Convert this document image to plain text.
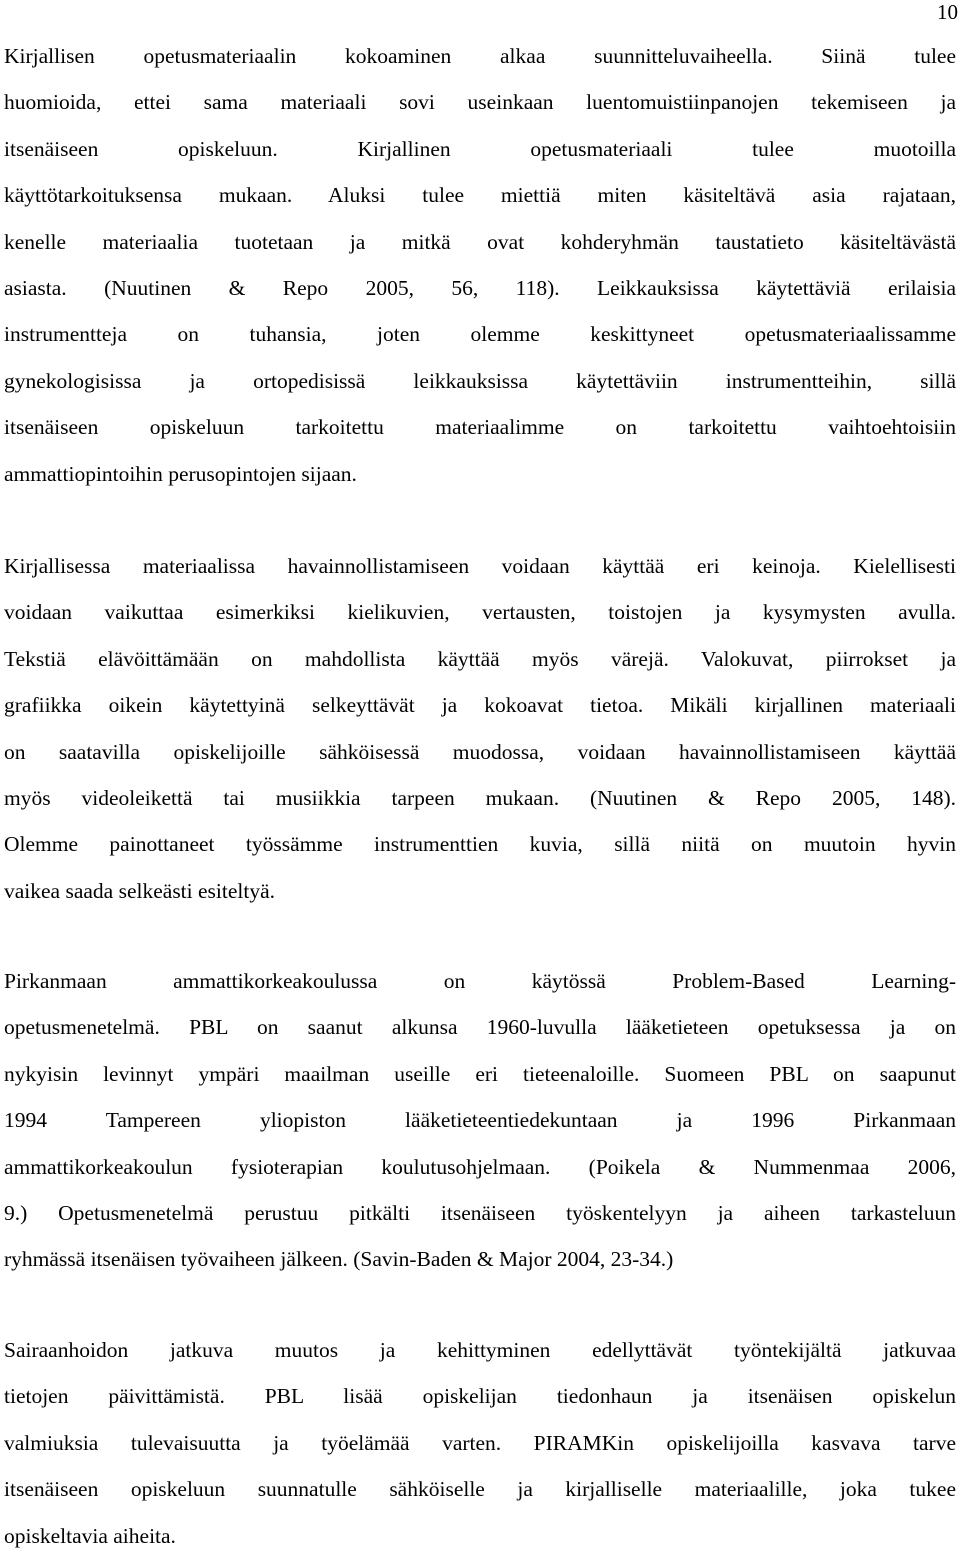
10
Kirjallisen opetusmateriaalin kokoaminen alkaa suunnitteluvaiheella. Siinä tulee
huomioida, ettei sama materiaali sovi useinkaan luentomuistiinpanojen tekemiseen ja
itsenäiseen opiskeluun. Kirjallinen opetusmateriaali tulee muotoilla
käyttötarkoituksensa mukaan. Aluksi tulee miettiä miten käsiteltävä asia rajataan,
kenelle materiaalia tuotetaan ja mitkä ovat kohderyhmän taustatieto käsiteltävästä
asiasta. (Nuutinen & Repo 2005, 56, 118). Leikkauksissa käytettäviä erilaisia
instrumentteja on tuhansia, joten olemme keskittyneet opetusmateriaalissamme
gynekologisissa ja ortopedisissä leikkauksissa käytettäviin instrumentteihin, sillä
itsenäiseen opiskeluun tarkoitettu materiaalimme on tarkoitettu vaihtoehtoisiin
ammattiopintoihin perusopintojen sijaan.
Kirjallisessa materiaalissa havainnollistamiseen voidaan käyttää eri keinoja. Kielellisesti
voidaan vaikuttaa esimerkiksi kielikuvien, vertausten, toistojen ja kysymysten avulla.
Tekstiä elävöittämään on mahdollista käyttää myös värejä. Valokuvat, piirrokset ja
grafiikka oikein käytettyinä selkeyttävät ja kokoavat tietoa. Mikäli kirjallinen materiaali
on saatavilla opiskelijoille sähköisessä muodossa, voidaan havainnollistamiseen käyttää
myös videoleikettä tai musiikkia tarpeen mukaan. (Nuutinen & Repo 2005, 148).
Olemme painottaneet työssämme instrumenttien kuvia, sillä niitä on muutoin hyvin
vaikea saada selkeästi esiteltyä.
Pirkanmaan ammattikorkeakoulussa on käytössä Problem-Based Learning-
opetusmenetelmä. PBL on saanut alkunsa 1960-luvulla lääketieteen opetuksessa ja on
nykyisin levinnyt ympäri maailman useille eri tieteenaloille. Suomeen PBL on saapunut
1994 Tampereen yliopiston lääketieteentiedekuntaan ja 1996 Pirkanmaan
ammattikorkeakoulun fysioterapian koulutusohjelmaan. (Poikela & Nummenmaa 2006,
9.) Opetusmenetelmä perustuu pitkälti itsenäiseen työskentelyyn ja aiheen tarkasteluun
ryhmässä itsenäisen työvaiheen jälkeen. (Savin-Baden & Major 2004, 23-34.)
Sairaanhoidon jatkuva muutos ja kehittyminen edellyttävät työntekijältä jatkuvaa
tietojen päivittämistä. PBL lisää opiskelijan tiedonhaun ja itsenäisen opiskelun
valmiuksia tulevaisuutta ja työelämää varten. PIRAMKin opiskelijoilla kasvava tarve
itsenäiseen opiskeluun suunnatulle sähköiselle ja kirjalliselle materiaalille, joka tukee
opiskeltavia aiheita.
